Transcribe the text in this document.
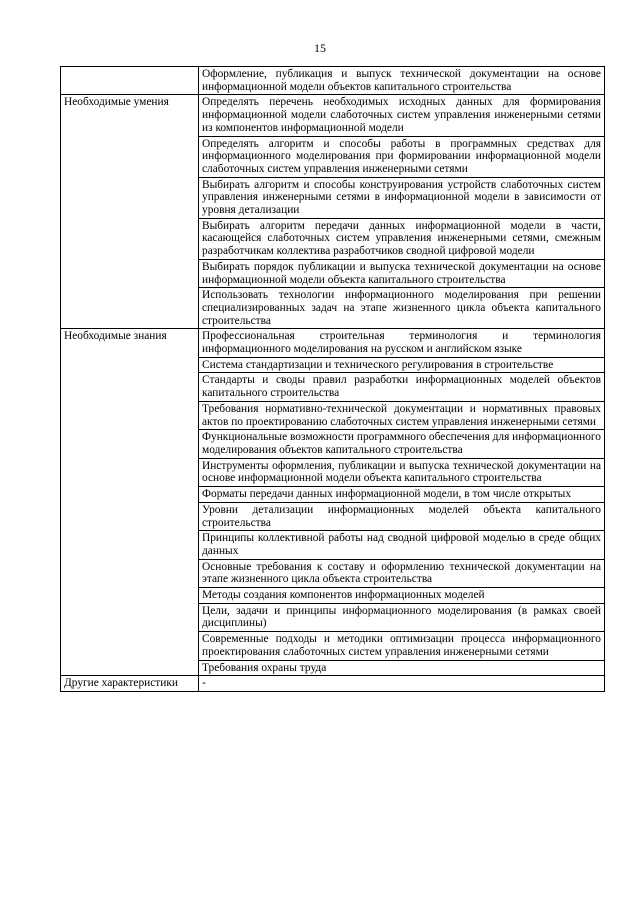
15

	Оформление, публикация и выпуск технической документации на основе информационной модели объектов капитального строительства

Необходимые умения	Определять перечень необходимых исходных данных для формирования информационной модели слаботочных систем управления инженерными сетями из компонентов информационной модели

	Определять алгоритм и способы работы в программных средствах для информационного моделирования при формировании информационной модели слаботочных систем управления инженерными сетями

	Выбирать алгоритм и способы конструирования устройств слаботочных систем управления инженерными сетями в информационной модели в зависимости от уровня детализации

	Выбирать алгоритм передачи данных информационной модели в части, касающейся слаботочных систем управления инженерными сетями, смежным разработчикам коллектива разработчиков сводной цифровой модели

	Выбирать порядок публикации и выпуска технической документации на основе информационной модели объекта капитального строительства

	Использовать технологии информационного моделирования при решении специализированных задач на этапе жизненного цикла объекта капитального строительства

Необходимые знания	Профессиональная строительная терминология и терминология информационного моделирования на русском и английском языке

	Система стандартизации и технического регулирования в строительстве

	Стандарты и своды правил разработки информационных моделей объектов капитального строительства

	Требования нормативно-технической документации и нормативных правовых актов по проектированию слаботочных систем управления инженерными сетями

	Функциональные возможности программного обеспечения для информационного моделирования объектов капитального строительства

	Инструменты оформления, публикации и выпуска технической документации на основе информационной модели объекта капитального строительства

	Форматы передачи данных информационной модели, в том числе открытых

	Уровни детализации информационных моделей объекта капитального строительства

	Принципы коллективной работы над сводной цифровой моделью в среде общих данных

	Основные требования к составу и оформлению технической документации на этапе жизненного цикла объекта строительства

	Методы создания компонентов информационных моделей

	Цели, задачи и принципы информационного моделирования (в рамках своей дисциплины)

	Современные подходы и методики оптимизации процесса информационного проектирования слаботочных систем управления инженерными сетями

	Требования охраны труда

Другие характеристики	-
